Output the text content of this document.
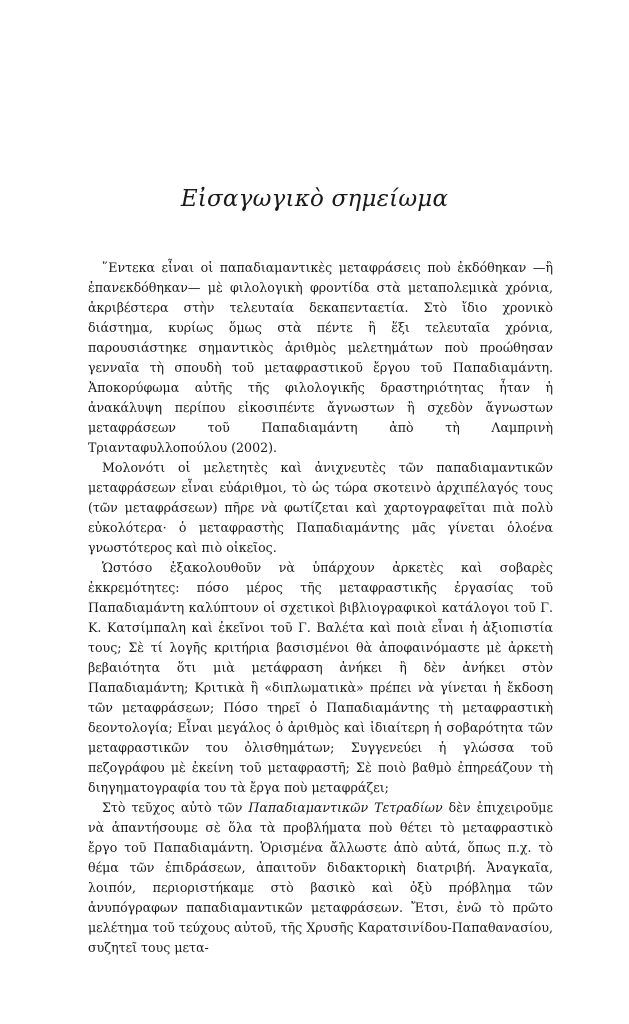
Εἰσαγωγικὸ σημείωμα

῞Εντεκα εἶναι οἱ παπαδιαμαντικὲς μεταφράσεις ποὺ ἐκδόθηκαν —ἢ ἐπανεκδόθηκαν— μὲ φιλολογικὴ φροντίδα στὰ μεταπολεμικὰ χρόνια, ἀκριβέστερα στὴν τελευταία δεκαπενταετία. Στὸ ἴδιο χρονικὸ διάστημα, κυρίως ὅμως στὰ πέντε ἢ ἕξι τελευταῖα χρόνια, παρουσιάστηκε σημαντικὸς ἀριθμὸς μελετημάτων ποὺ προώθησαν γενναῖα τὴ σπουδὴ τοῦ μεταφραστικοῦ ἔργου τοῦ Παπαδιαμάντη. Ἀποκορύφωμα αὐτῆς τῆς φιλολογικῆς δραστηριότητας ἦταν ἡ ἀνακάλυψη περίπου εἰκοσιπέντε ἄγνωστων ἢ σχεδὸν ἄγνωστων μεταφράσεων τοῦ Παπαδιαμάντη ἀπὸ τὴ Λαμπρινὴ Τριανταφυλλοπούλου (2002).

Μολονότι οἱ μελετητὲς καὶ ἀνιχνευτὲς τῶν παπαδιαμαντικῶν μεταφράσεων εἶναι εὐάριθμοι, τὸ ὡς τώρα σκοτεινὸ ἀρχιπέλαγός τους (τῶν μεταφράσεων) πῆρε νὰ φωτίζεται καὶ χαρτογραφεῖται πιὰ πολὺ εὐκολότερα· ὁ μεταφραστὴς Παπαδιαμάντης μᾶς γίνεται ὁλοένα γνωστότερος καὶ πιὸ οἰκεῖος.

Ὡστόσο ἐξακολουθοῦν νὰ ὑπάρχουν ἀρκετὲς καὶ σοβαρὲς ἐκκρεμότητες: πόσο μέρος τῆς μεταφραστικῆς ἐργασίας τοῦ Παπαδιαμάντη καλύπτουν οἱ σχετικοὶ βιβλιογραφικοὶ κατάλογοι τοῦ Γ. Κ. Κατσίμπαλη καὶ ἐκεῖνοι τοῦ Γ. Βαλέτα καὶ ποιὰ εἶναι ἡ ἀξιοπιστία τους; Σὲ τί λογῆς κριτήρια βασισμένοι θὰ ἀποφαινόμαστε μὲ ἀρκετὴ βεβαιότητα ὅτι μιὰ μετάφραση ἀνήκει ἢ δὲν ἀνήκει στὸν Παπαδιαμάντη; Κριτικὰ ἢ «διπλωματικὰ» πρέπει νὰ γίνεται ἡ ἔκδοση τῶν μεταφράσεων; Πόσο τηρεῖ ὁ Παπαδιαμάντης τὴ μεταφραστικὴ δεοντολογία; Εἶναι μεγάλος ὁ ἀριθμὸς καὶ ἰδιαίτερη ἡ σοβαρότητα τῶν μεταφραστικῶν του ὀλισθημάτων; Συγγενεύει ἡ γλώσσα τοῦ πεζογράφου μὲ ἐκείνη τοῦ μεταφραστῆ; Σὲ ποιὸ βαθμὸ ἐπηρεάζουν τὴ διηγηματογραφία του τὰ ἔργα ποὺ μεταφράζει;

Στὸ τεῦχος αὐτὸ τῶν Παπαδιαμαντικῶν Τετραδίων δὲν ἐπιχειροῦμε νὰ ἀπαντήσουμε σὲ ὅλα τὰ προβλήματα ποὺ θέτει τὸ μεταφραστικὸ ἔργο τοῦ Παπαδιαμάντη. Ὁρισμένα ἄλλωστε ἀπὸ αὐτά, ὅπως π.χ. τὸ θέμα τῶν ἐπιδράσεων, ἀπαιτοῦν διδακτορικὴ διατριβή. Ἀναγκαῖα, λοιπόν, περιοριστήκαμε στὸ βασικὸ καὶ ὀξὺ πρόβλημα τῶν ἀνυπόγραφων παπαδιαμαντικῶν μεταφράσεων. Ἔτσι, ἐνῶ τὸ πρῶτο μελέτημα τοῦ τεύχους αὐτοῦ, τῆς Χρυσῆς Καρατσινίδου-Παπαθανασίου, συζητεῖ τους μετα-
